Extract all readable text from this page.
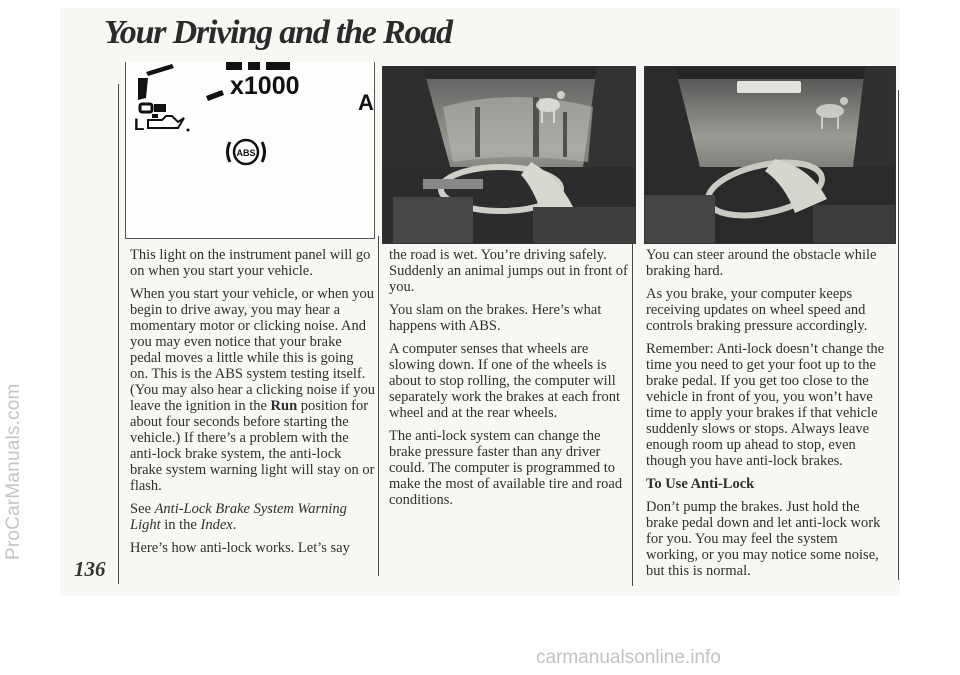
ProCarManuals.com
Your Driving and the Road
136
A
L
ABS
x1000

This light on the instrument panel will go on when you start your vehicle.

When you start your vehicle, or when you begin to drive away, you may hear a momentary motor or clicking noise. And you may even notice that your brake pedal moves a little while this is going on. This is the ABS system testing itself. (You may also hear a clicking noise if you leave the ignition in the Run position for about four seconds before starting the vehicle.) If there’s a problem with the anti-lock brake system, the anti-lock brake system warning light will stay on or flash.

See Anti-Lock Brake System Warning Light in the Index.

Here’s how anti-lock works. Let’s say

the road is wet. You’re driving safely. Suddenly an animal jumps out in front of you.

You slam on the brakes. Here’s what happens with ABS.

A computer senses that wheels are slowing down. If one of the wheels is about to stop rolling, the computer will separately work the brakes at each front wheel and at the rear wheels.

The anti-lock system can change the brake pressure faster than any driver could. The computer is programmed to make the most of available tire and road conditions.

You can steer around the obstacle while braking hard.

As you brake, your computer keeps receiving updates on wheel speed and controls braking pressure accordingly.

Remember: Anti-lock doesn’t change the time you need to get your foot up to the brake pedal. If you get too close to the vehicle in front of you, you won’t have time to apply your brakes if that vehicle suddenly slows or stops. Always leave enough room up ahead to stop, even though you have anti-lock brakes.

To Use Anti-Lock

Don’t pump the brakes. Just hold the brake pedal down and let anti-lock work for you. You may feel the system working, or you may notice some noise, but this is normal.

carmanualsonline.info
